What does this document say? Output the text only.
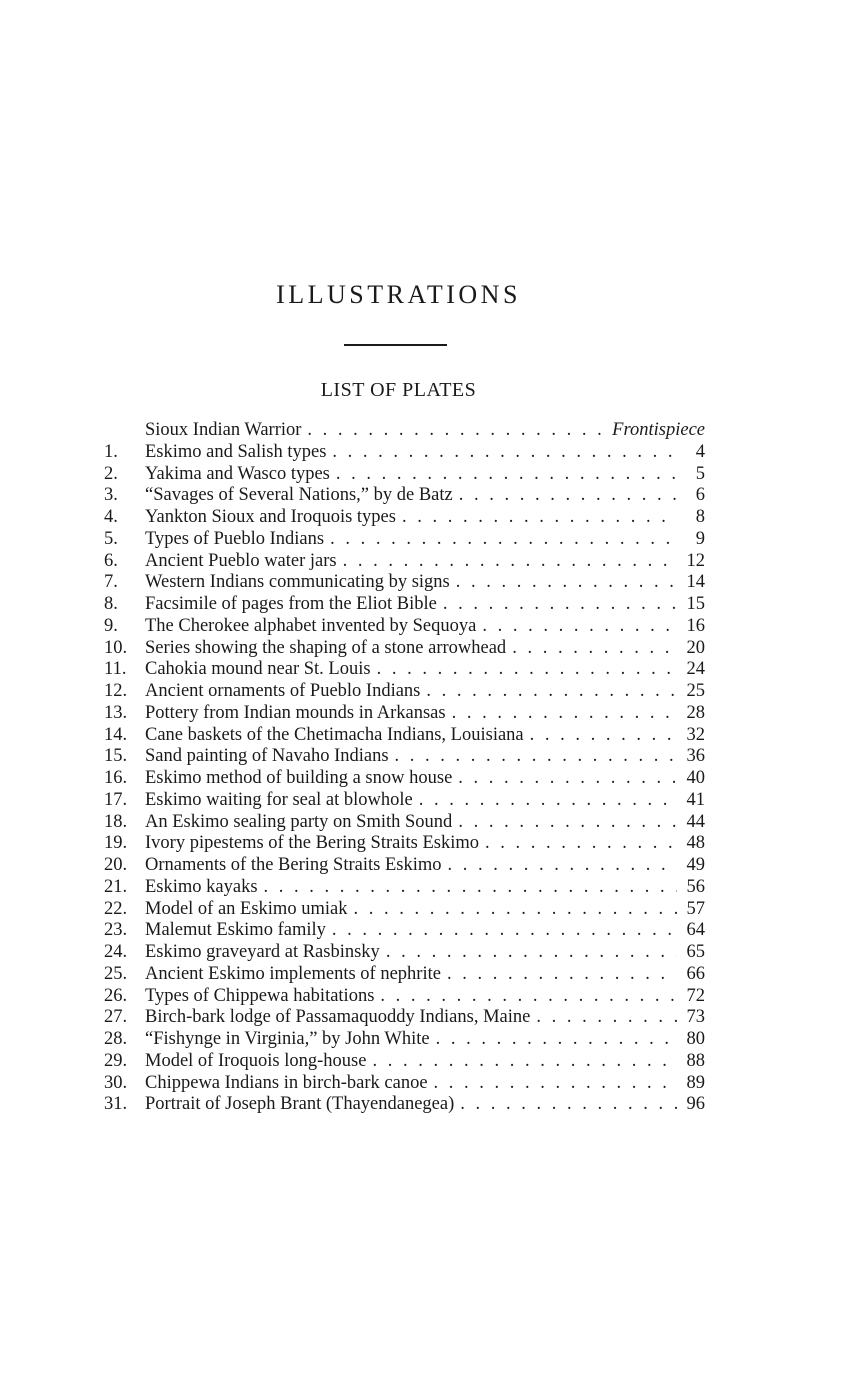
ILLUSTRATIONS
LIST OF PLATES
Sioux Indian Warrior . . .	Frontispiece
1.	Eskimo and Salish types . . .	4
2.	Yakima and Wasco types . . .	5
3.	“Savages of Several Nations,” by de Batz . . .	6
4.	Yankton Sioux and Iroquois types . . .	8
5.	Types of Pueblo Indians . . .	9
6.	Ancient Pueblo water jars . . .	12
7.	Western Indians communicating by signs . . .	14
8.	Facsimile of pages from the Eliot Bible . . .	15
9.	The Cherokee alphabet invented by Sequoya . . .	16
10. Series showing the shaping of a stone arrowhead . . .	20
11.	Cahokia mound near St. Louis . . .	24
12. Ancient ornaments of Pueblo Indians . . .	25
13. Pottery from Indian mounds in Arkansas . . .	28
14. Cane baskets of the Chetimacha Indians, Louisiana . . .	32
15. Sand painting of Navaho Indians . . .	36
16. Eskimo method of building a snow house . . .	40
17. Eskimo waiting for seal at blowhole . . .	41
18. An Eskimo sealing party on Smith Sound . . .	44
19. Ivory pipestems of the Bering Straits Eskimo . . .	48
20. Ornaments of the Bering Straits Eskimo . . .	49
21. Eskimo kayaks . . .	56
22. Model of an Eskimo umiak . . .	57
23. Malemut Eskimo family . . .	64
24. Eskimo graveyard at Rasbinsky . . .	65
25. Ancient Eskimo implements of nephrite . . .	66
26. Types of Chippewa habitations . . .	72
27. Birch-bark lodge of Passamaquoddy Indians, Maine . . .	73
28. “Fishynge in Virginia,” by John White . . .	80
29. Model of Iroquois long-house . . .	88
30. Chippewa Indians in birch-bark canoe . . .	89
31. Portrait of Joseph Brant (Thayendanegea) . . .	96
